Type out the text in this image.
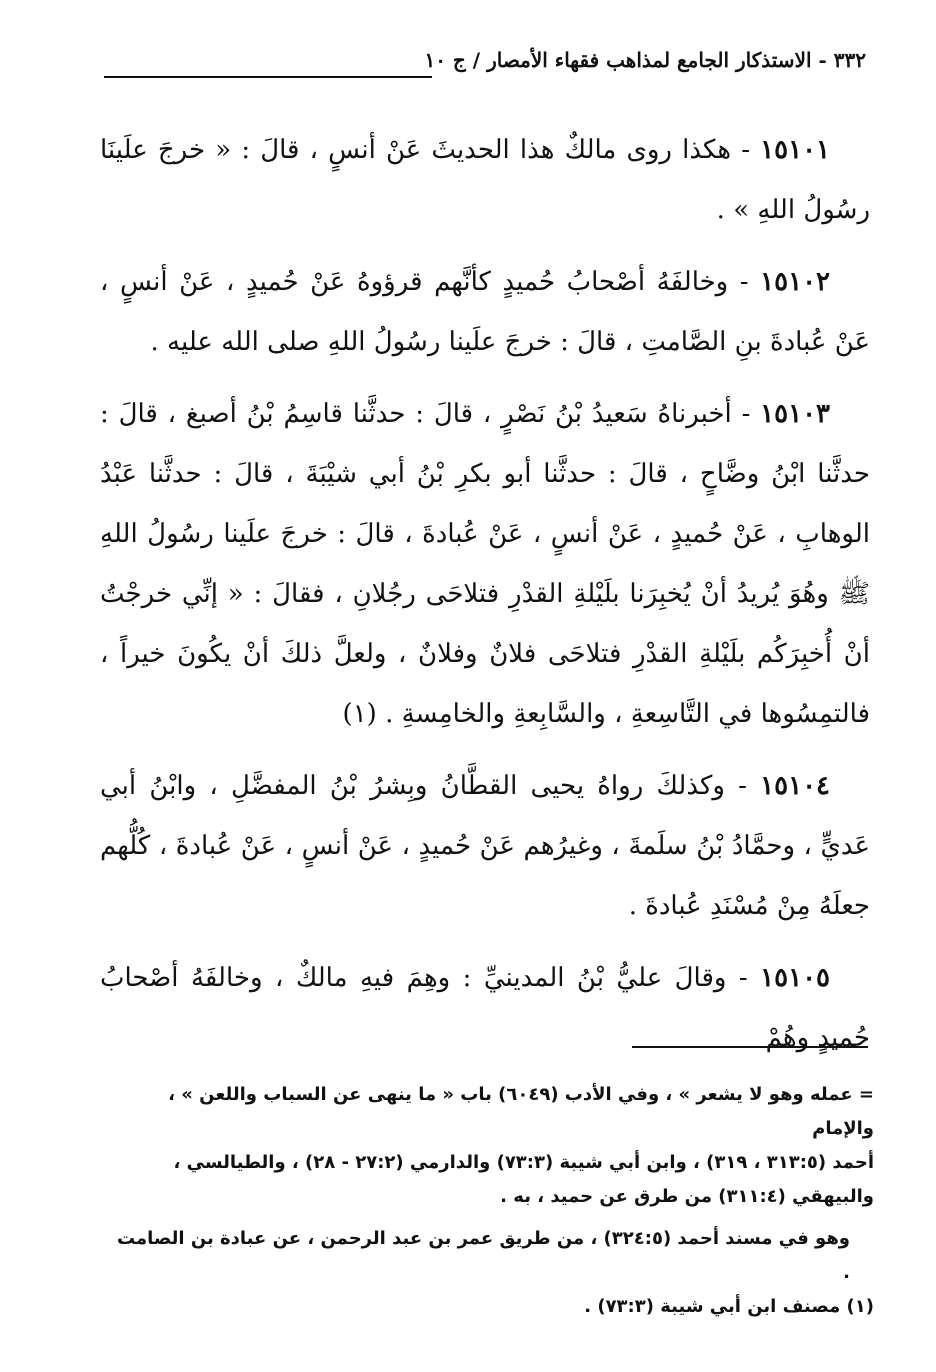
٣٣٢ - الاستذكار الجامع لمذاهب فقهاء الأمصار / ج ١٠

١٥١٠١ - هكذا روى مالكٌ هذا الحديثَ عَنْ أنسٍ ، قالَ : « خرجَ علَينَا رسُولُ اللهِ » .

١٥١٠٢ - وخالفَهُ أصْحابُ حُميدٍ كأنَّهم قرؤوهُ عَنْ حُميدٍ ، عَنْ أنسٍ ، عَنْ عُبادةَ بنِ الصَّامتِ ، قالَ : خرجَ علَينا رسُولُ اللهِ صلى الله عليه .

١٥١٠٣ - أخبرناهُ سَعيدُ بْنُ نَصْرٍ ، قالَ : حدثَّنا قاسِمُ بْنُ أصبغ ، قالَ : حدثَّنا ابْنُ وضَّاحٍ ، قالَ : حدثَّنا أبو بكرِ بْنُ أبي شيْبَةَ ، قالَ : حدثَّنا عَبْدُ الوهابِ ، عَنْ حُميدٍ ، عَنْ أنسٍ ، عَنْ عُبادةَ ، قالَ : خرجَ علَينا رسُولُ اللهِ ﷺ وهُوَ يُريدُ أنْ يُخبِرَنا بلَيْلةِ القدْرِ فتلاحَى رجُلانِ ، فقالَ : « إنِّي خرجْتُ أنْ أُخبِرَكُم بلَيْلةِ القدْرِ فتلاحَى فلانٌ وفلانٌ ، ولعلَّ ذلكَ أنْ يكُونَ خيراً ، فالتمِسُوها في التَّاسِعةِ ، والسَّابِعةِ والخامِسةِ . (١)

١٥١٠٤ - وكذلكَ رواهُ يحيى القطَّانُ وبِشرُ بْنُ المفضَّلِ ، وابْنُ أبي عَديٍّ ، وحمَّادُ بْنُ سلَمةَ ، وغيرُهم عَنْ حُميدٍ ، عَنْ أنسٍ ، عَنْ عُبادةَ ، كُلُّهم جعلَهُ مِنْ مُسْنَدِ عُبادةَ .

١٥١٠٥ - وقالَ عليُّ بْنُ المدينيِّ : وهِمَ فيهِ مالكٌ ، وخالفَهُ أصْحابُ حُميدٍ وهُمْ

= عمله وهو لا يشعر » ، وفي الأدب (٦٠٤٩) باب « ما ينهى عن السباب واللعن » ، والإمام

أحمد (٣١٣:٥ ، ٣١٩) ، وابن أبي شيبة (٧٣:٣) والدارمي (٢٧:٢ - ٢٨) ، والطيالسي ،

والبيهقي (٣١١:٤) من طرق عن حميد ، به .

وهو في مسند أحمد (٣٢٤:٥) ، من طريق عمر بن عبد الرحمن ، عن عبادة بن الصامت .

(١) مصنف ابن أبي شيبة (٧٣:٣) .
